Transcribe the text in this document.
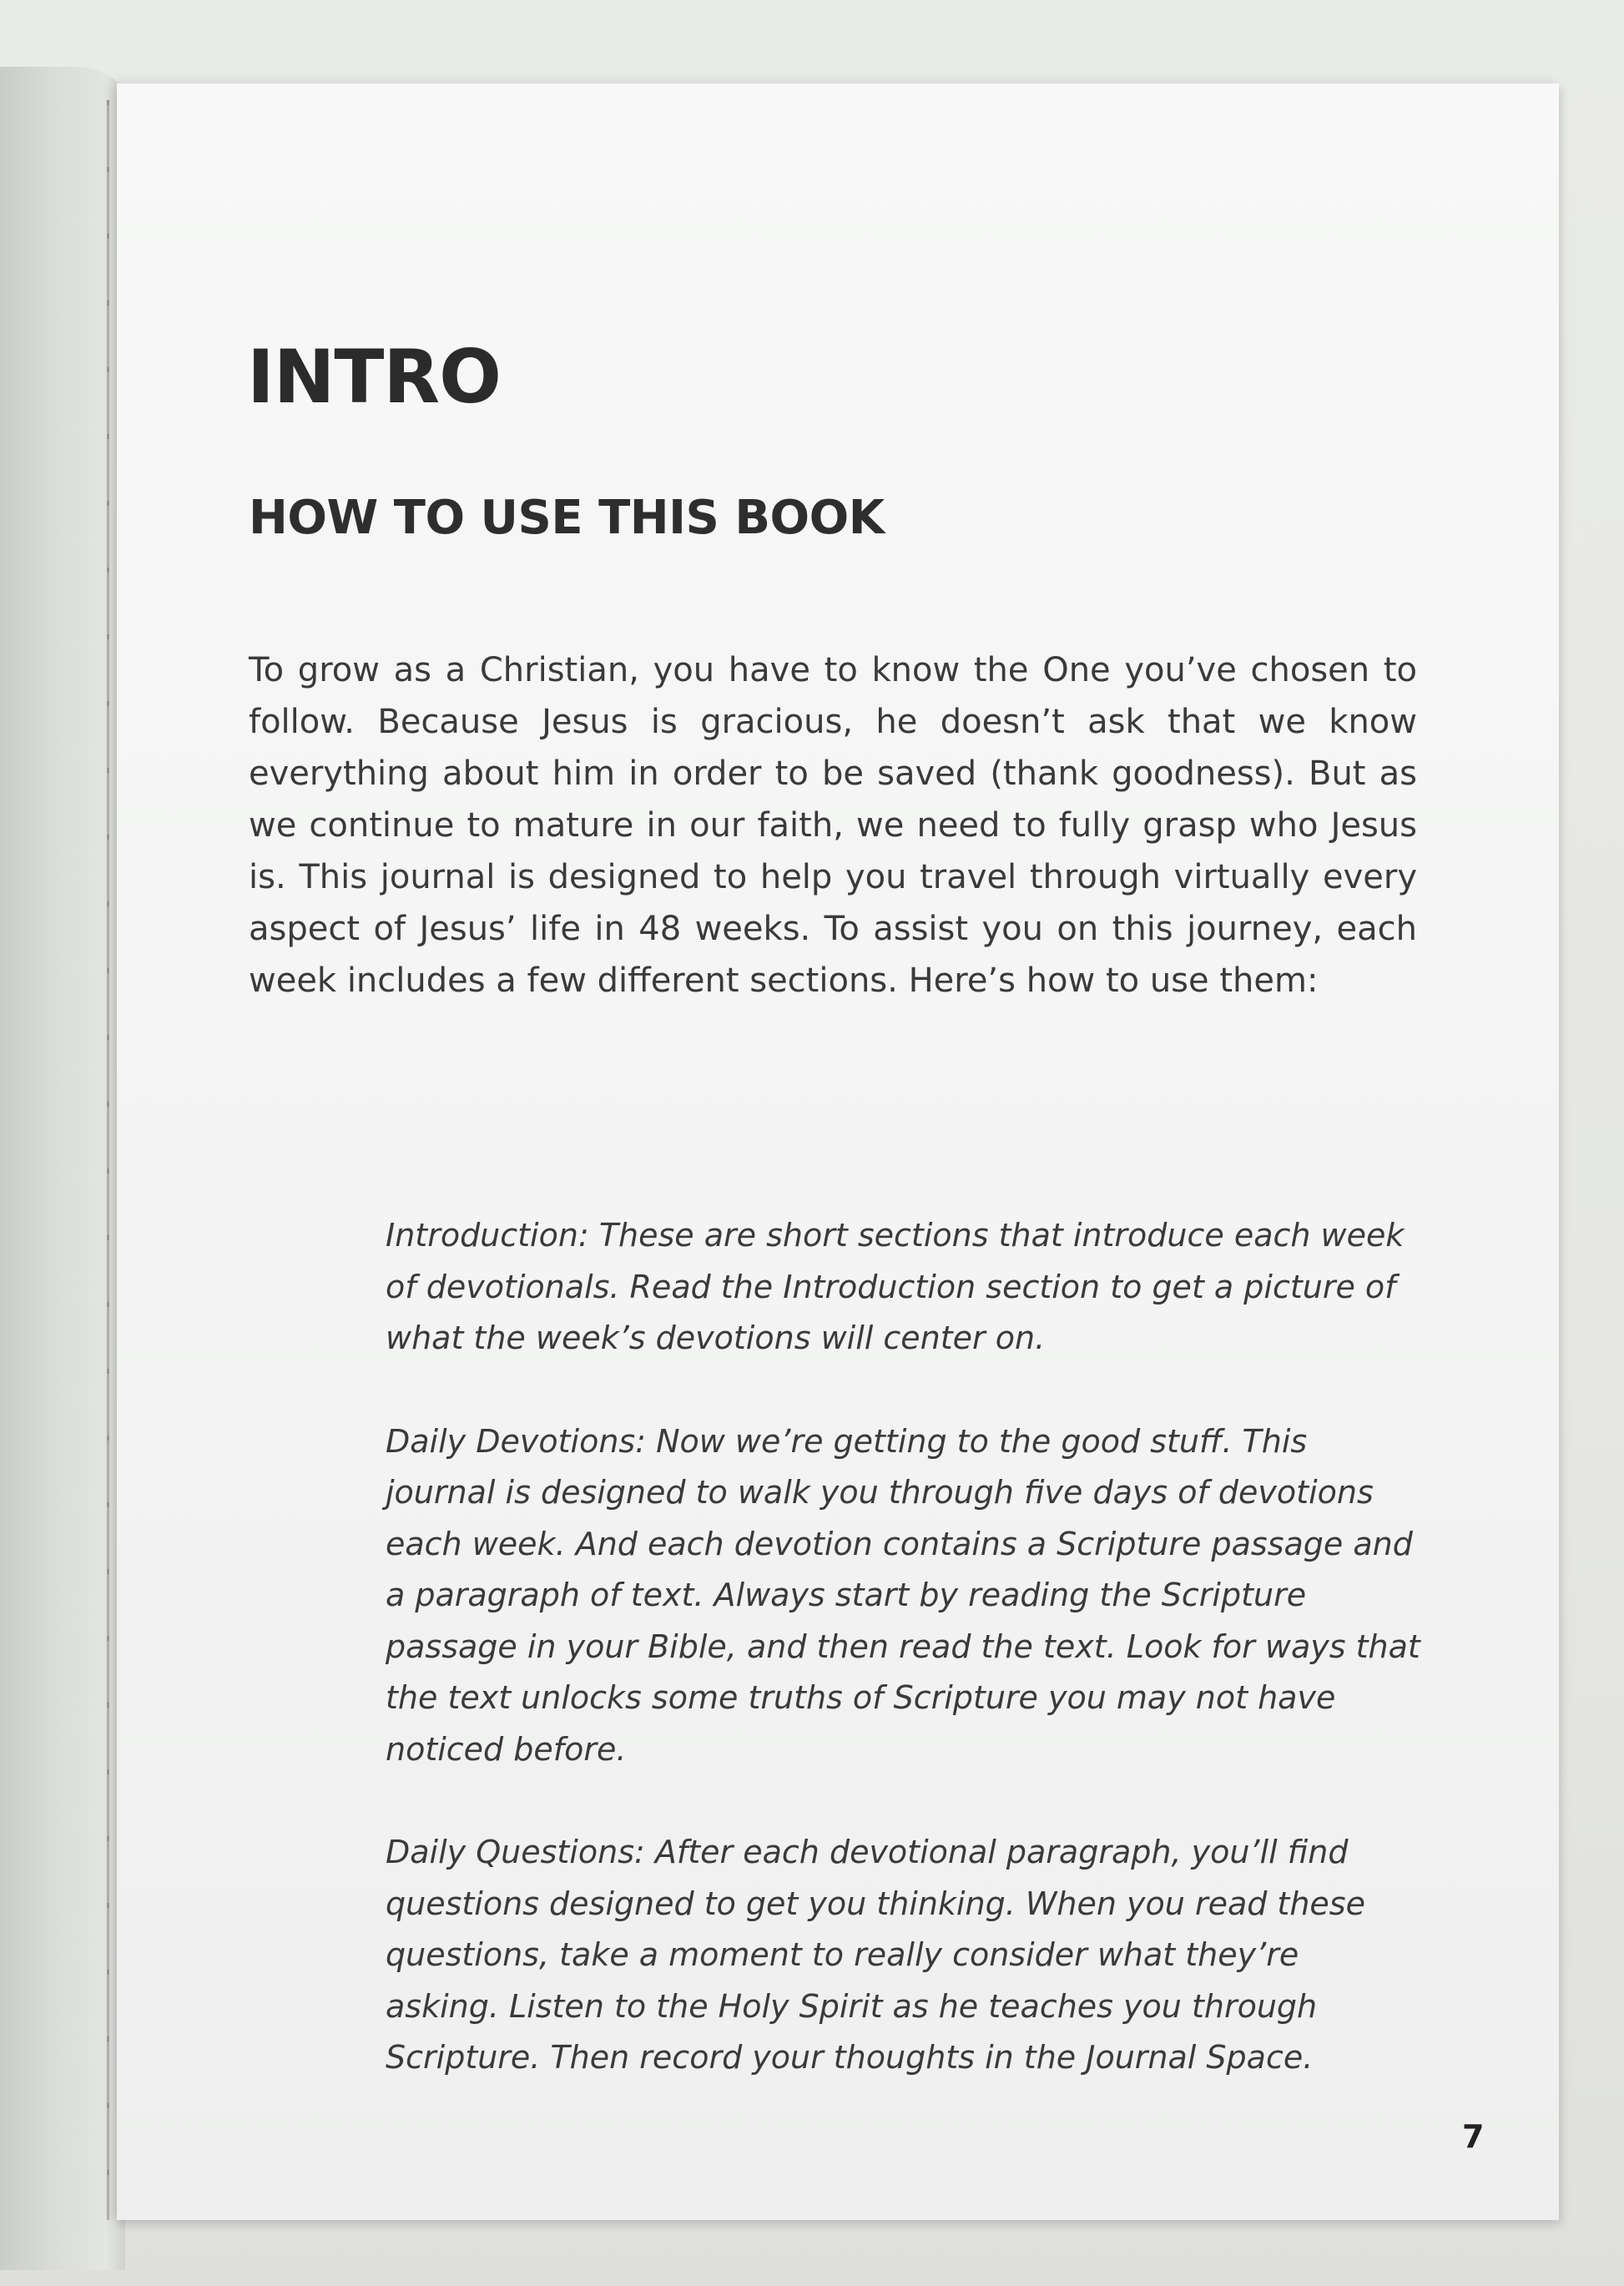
INTRO
HOW TO USE THIS BOOK

To grow as a Christian, you have to know the One you’ve chosen to follow. Because Jesus is gracious, he doesn’t ask that we know everything about him in order to be saved (thank goodness). But as we continue to mature in our faith, we need to fully grasp who Jesus is. This journal is designed to help you travel through virtually every aspect of Jesus’ life in 48 weeks. To assist you on this journey, each week includes a few different sections. Here’s how to use them:

Introduction: These are short sections that introduce each week of devotionals. Read the Introduction section to get a picture of what the week’s devotions will center on.

Daily Devotions: Now we’re getting to the good stuff. This journal is designed to walk you through five days of devotions each week. And each devotion contains a Scripture passage and a paragraph of text. Always start by reading the Scripture passage in your Bible, and then read the text. Look for ways that the text unlocks some truths of Scripture you may not have noticed before.

Daily Questions: After each devotional paragraph, you’ll find questions designed to get you thinking. When you read these questions, take a moment to really consider what they’re asking. Listen to the Holy Spirit as he teaches you through Scripture. Then record your thoughts in the Journal Space.

7
